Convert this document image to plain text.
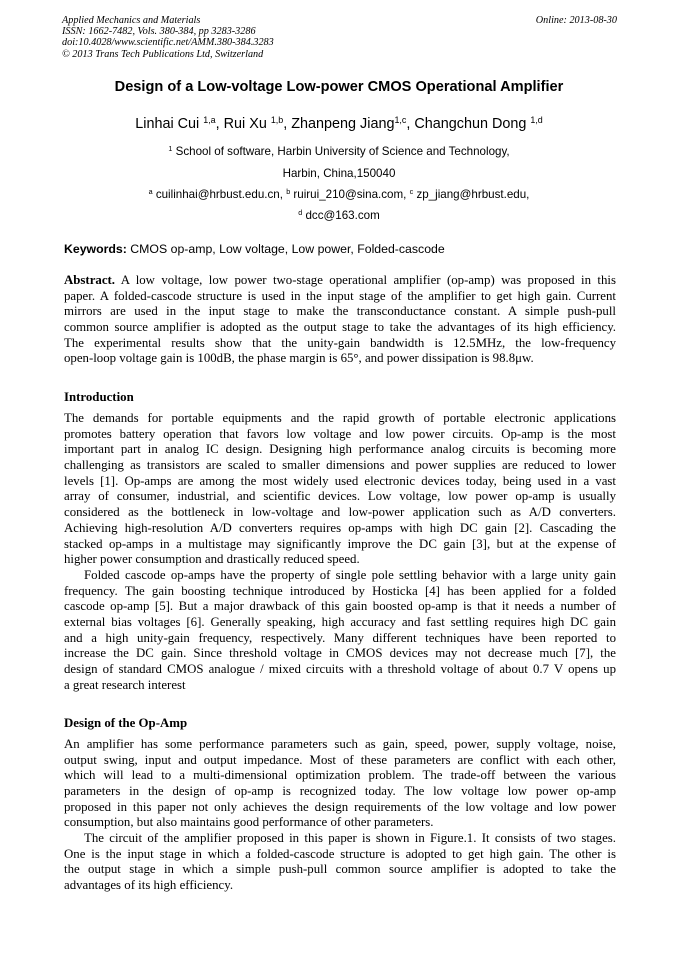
Applied Mechanics and Materials
ISSN: 1662-7482, Vols. 380-384, pp 3283-3286
doi:10.4028/www.scientific.net/AMM.380-384.3283
© 2013 Trans Tech Publications Ltd, Switzerland
Online: 2013-08-30
Design of a Low-voltage Low-power CMOS Operational Amplifier
Linhai Cui $^{1,a}$, Rui Xu $^{1,b}$, Zhanpeng Jiang$^{1,c}$, Changchun Dong $^{1,d}$
$^1$ School of software, Harbin University of Science and Technology,
Harbin, China,150040
$^a$ cuilinhai@hrbust.edu.cn, $^b$ ruirui_210@sina.com, $^c$ zp_jiang@hrbust.edu,
$^d$ dcc@163.com
Keywords: CMOS op-amp, Low voltage, Low power, Folded-cascode
Abstract. A low voltage, low power two-stage operational amplifier (op-amp) was proposed in this
paper. A folded-cascode structure is used in the input stage of the amplifier to get high gain. Current
mirrors are used in the input stage to make the transconductance constant. A simple push-pull
common source amplifier is adopted as the output stage to take the advantages of its high efficiency.
The experimental results show that the unity-gain bandwidth is 12.5MHz, the low-frequency
open-loop voltage gain is 100dB, the phase margin is 65°, and power dissipation is 98.8μw.
Introduction
The demands for portable equipments and the rapid growth of portable electronic applications
promotes battery operation that favors low voltage and low power circuits. Op-amp is the most
important part in analog IC design. Designing high performance analog circuits is becoming more
challenging as transistors are scaled to smaller dimensions and power supplies are reduced to lower
levels [1]. Op-amps are among the most widely used electronic devices today, being used in a vast
array of consumer, industrial, and scientific devices. Low voltage, low power op-amp is usually
considered as the bottleneck in low-voltage and low-power application such as A/D converters.
Achieving high-resolution A/D converters requires op-amps with high DC gain [2]. Cascading the
stacked op-amps in a multistage may significantly improve the DC gain [3], but at the expense of
higher power consumption and drastically reduced speed.
Folded cascode op-amps have the property of single pole settling behavior with a large unity gain
frequency. The gain boosting technique introduced by Hosticka [4] has been applied for a folded
cascode op-amp [5]. But a major drawback of this gain boosted op-amp is that it needs a number of
external bias voltages [6]. Generally speaking, high accuracy and fast settling requires high DC gain
and a high unity-gain frequency, respectively. Many different techniques have been reported to
increase the DC gain. Since threshold voltage in CMOS devices may not decrease much [7], the
design of standard CMOS analogue / mixed circuits with a threshold voltage of about 0.7 V opens up
a great research interest
Design of the Op-Amp
An amplifier has some performance parameters such as gain, speed, power, supply voltage, noise,
output swing, input and output impedance. Most of these parameters are conflict with each other,
which will lead to a multi-dimensional optimization problem. The trade-off between the various
parameters in the design of op-amp is recognized today. The low voltage low power op-amp
proposed in this paper not only achieves the design requirements of the low voltage and low power
consumption, but also maintains good performance of other parameters.
The circuit of the amplifier proposed in this paper is shown in Figure.1. It consists of two stages.
One is the input stage in which a folded-cascode structure is adopted to get high gain. The other is
the output stage in which a simple push-pull common source amplifier is adopted to take the
advantages of its high efficiency.
